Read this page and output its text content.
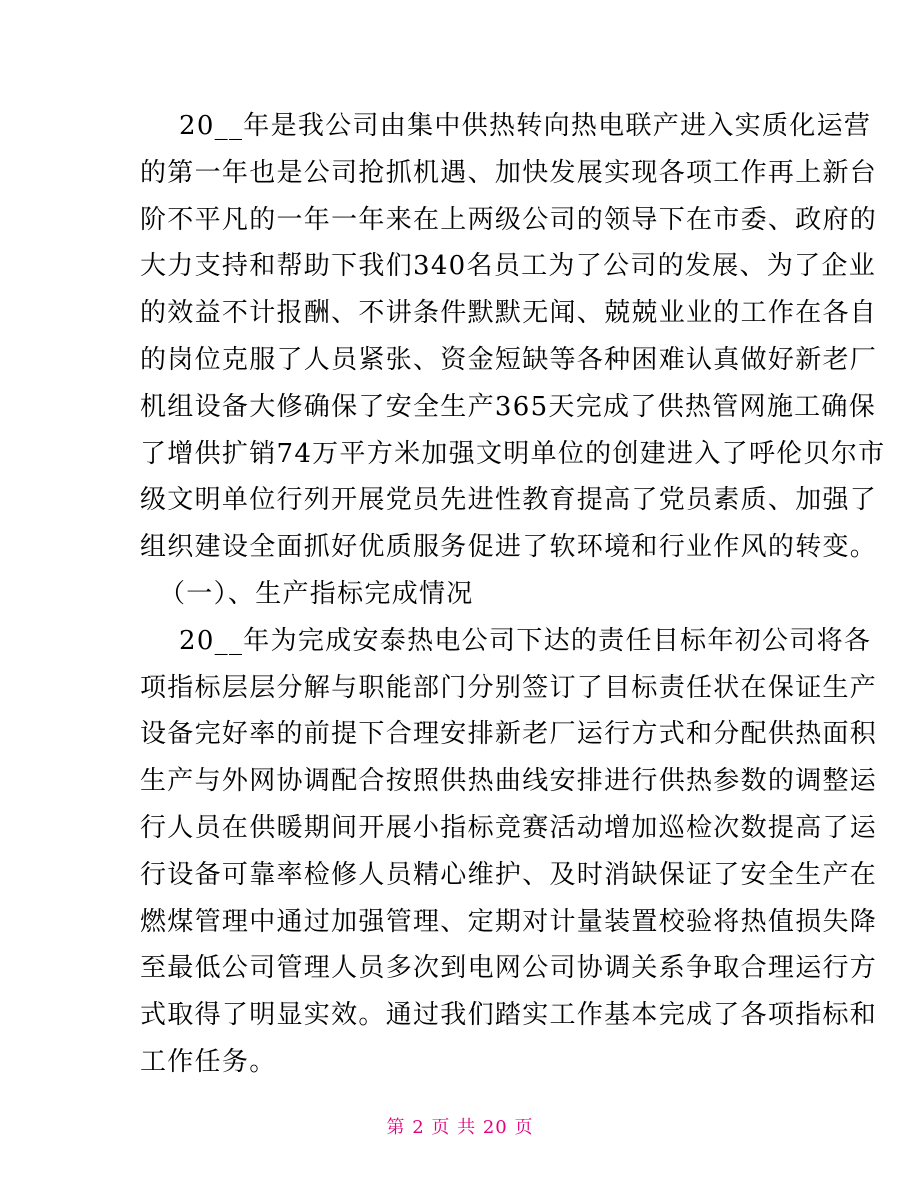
20__年是我公司由集中供热转向热电联产进入实质化运营
的第一年也是公司抢抓机遇、加快发展实现各项工作再上新台
阶不平凡的一年一年来在上两级公司的领导下在市委、政府的
大力支持和帮助下我们340名员工为了公司的发展、为了企业
的效益不计报酬、不讲条件默默无闻、兢兢业业的工作在各自
的岗位克服了人员紧张、资金短缺等各种困难认真做好新老厂
机组设备大修确保了安全生产365天完成了供热管网施工确保
了增供扩销74万平方米加强文明单位的创建进入了呼伦贝尔市
级文明单位行列开展党员先进性教育提高了党员素质、加强了
组织建设全面抓好优质服务促进了软环境和行业作风的转变。

（一）、生产指标完成情况

20__年为完成安泰热电公司下达的责任目标年初公司将各
项指标层层分解与职能部门分别签订了目标责任状在保证生产
设备完好率的前提下合理安排新老厂运行方式和分配供热面积
生产与外网协调配合按照供热曲线安排进行供热参数的调整运
行人员在供暖期间开展小指标竞赛活动增加巡检次数提高了运
行设备可靠率检修人员精心维护、及时消缺保证了安全生产在
燃煤管理中通过加强管理、定期对计量装置校验将热值损失降
至最低公司管理人员多次到电网公司协调关系争取合理运行方
式取得了明显实效。通过我们踏实工作基本完成了各项指标和
工作任务。

第 2 页 共 20 页
